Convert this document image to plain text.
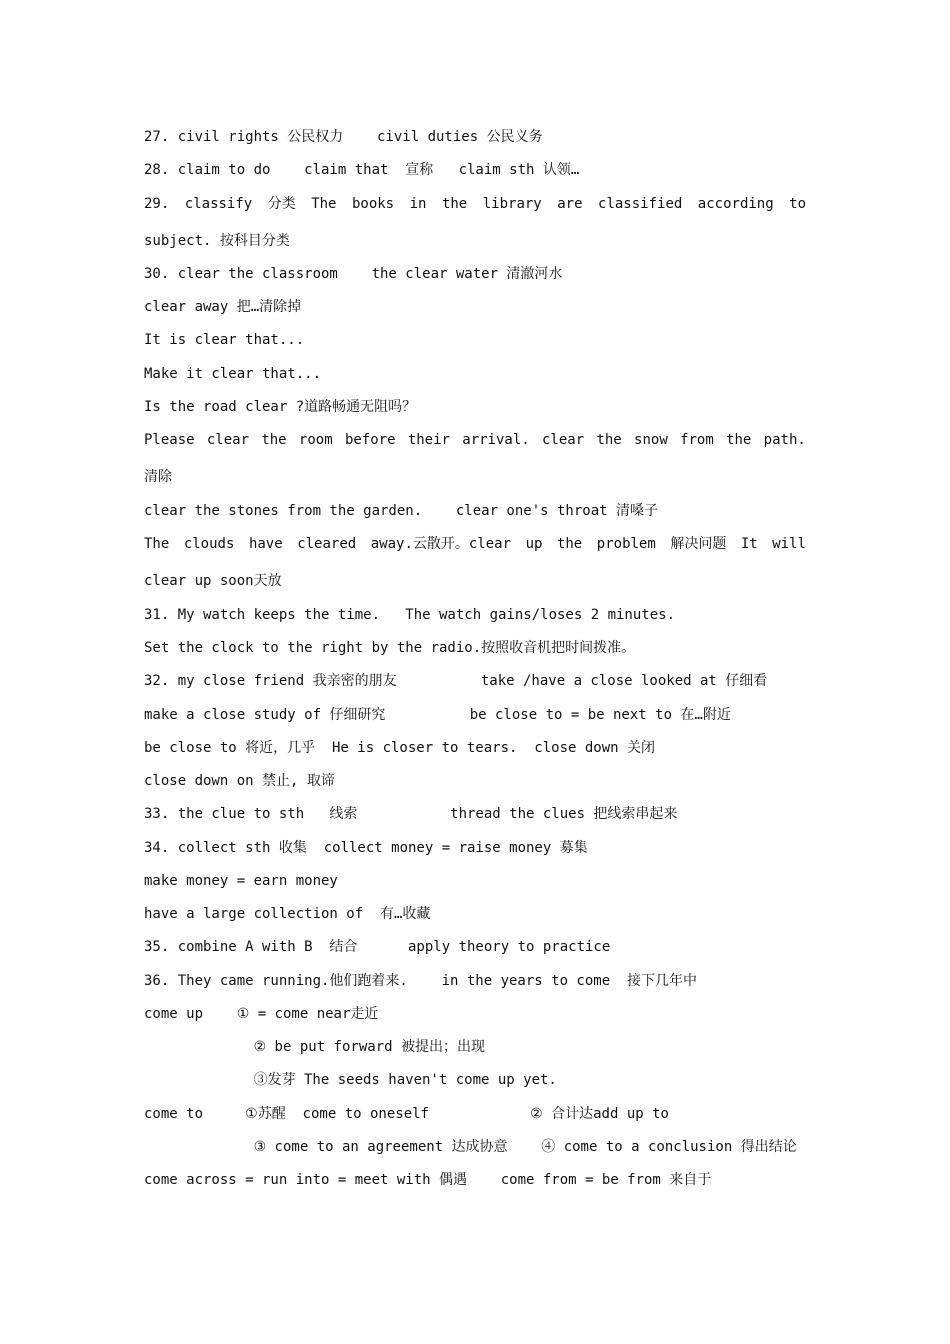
27. civil rights 公民权力    civil duties 公民义务
28. claim to do    claim that  宣称   claim sth 认领…
29. classify 分类 The books in the library are classified according to
subject. 按科目分类
30. clear the classroom    the clear water 清澈河水
clear away 把…清除掉
It is clear that...
Make it clear that...
Is the road clear ?道路畅通无阻吗？
Please clear the room before their arrival. clear the snow from the path.
清除
clear the stones from the garden.    clear one's throat 清嗓子
The clouds have cleared away.云散开。clear up the problem 解决问题 It will
clear up soon天放
31. My watch keeps the time.   The watch gains/loses 2 minutes.
Set the clock to the right by the radio.按照收音机把时间拨准。
32. my close friend 我亲密的朋友          take /have a close looked at 仔细看
make a close study of 仔细研究          be close to = be next to 在…附近
be close to 将近，几乎  He is closer to tears.  close down 关闭
close down on 禁止, 取谛
33. the clue to sth   线索           thread the clues 把线索串起来
34. collect sth 收集  collect money = raise money 募集
make money = earn money
have a large collection of  有…收藏
35. combine A with B  结合      apply theory to practice
36. They came running.他们跑着来.    in the years to come  接下几年中
come up    ① = come near走近
② be put forward 被提出；出现
③发芽 The seeds haven't come up yet.
come to     ①苏醒  come to oneself            ② 合计达add up to
③ come to an agreement 达成协意    ④ come to a conclusion 得出结论
come across = run into = meet with 偶遇    come from = be from 来自于
